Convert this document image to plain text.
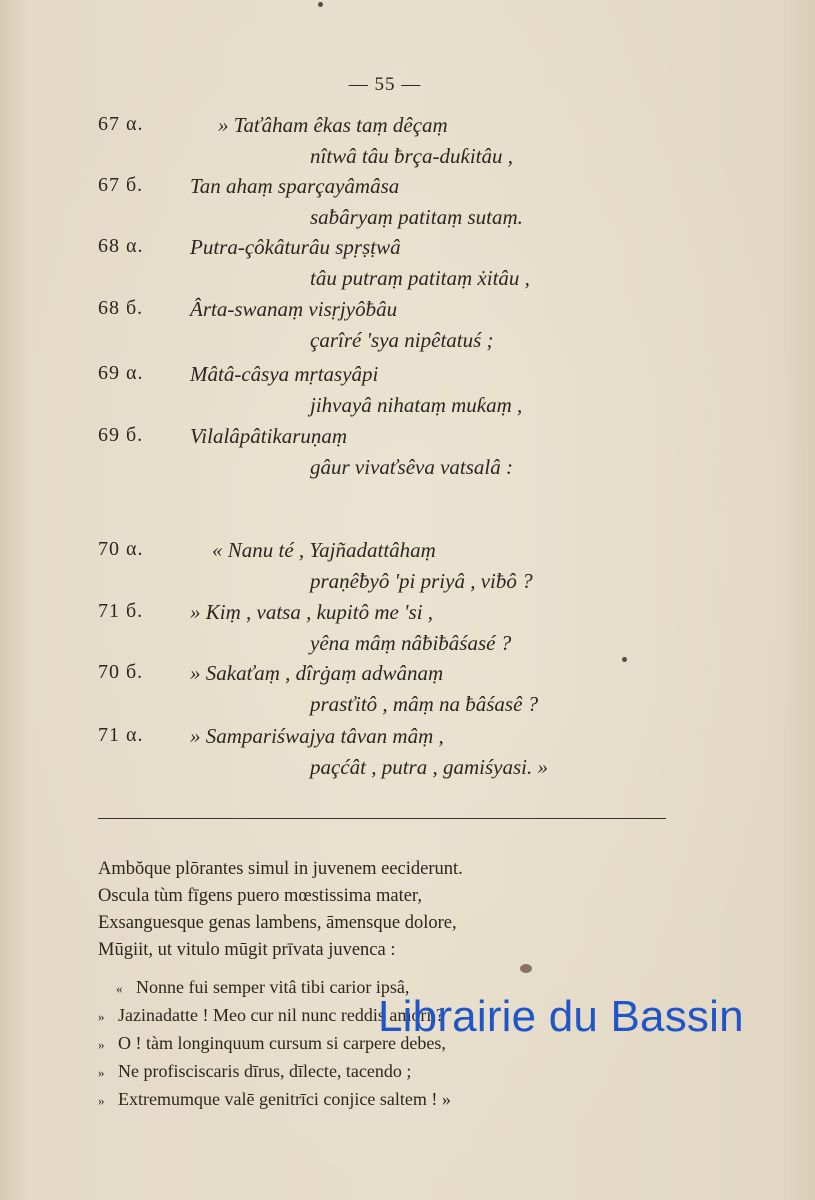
— 55 —
67 α.	» Taťâham êkas taṃ dêçaṃ
nîtwâ tâu ƀrça-duƙitâu ,
67 б. Tan ahaṃ sparçayâmâsa
saƀâryaṃ patitaṃ sutaṃ.
68 α. Putra-çôkâturâu spṛṣṭwâ
tâu putraṃ patitaṃ ẋitâu ,
68 б. Ârta-swanaṃ visṛjyôƀâu
çarîré 'sya nipêtatuś ;
69 α. Mâtâ-câsya mṛtasyâpi
jihvayâ nihataṃ muƙaṃ ,
69 б. Vilalâpâtikaruṇaṃ
gâur vivaťsêva vatsalâ :
70 α.	« Nanu té , Yajñadattâhaṃ
praṇêƀyô 'pi priyâ , viƀô ?
71 б. » Kiṃ , vatsa , kupitô me 'si ,
yêna mâṃ nâƀiƀâśasé ?
70 б. » Sakaťaṃ , dîrġaṃ adwânaṃ
prasťitô , mâṃ na ƀâśasê ?
71 α. » Sampariśwajya tâvan mâṃ ,
paçćât , putra , gamiśyasi. »
Ambŏque plōrantes simul in juvenem eeciderunt.
Oscula tùm fīgens puero mœstissima mater,
Exsanguesque genas lambens, āmensque dolore,
Mūgiit, ut vitulo mūgit prīvata juvenca :
« Nonne fui semper vitâ tibi carior ipsâ,
» Jazinadatte ! Meo cur nil nunc reddis amori ?
» O ! tàm longinquum cursum si carpere debes,
» Ne profisciscaris dīrus, dīlecte, tacendo ;
» Extremumque valē genitrīci conjice saltem ! »
Librairie du Bassin
